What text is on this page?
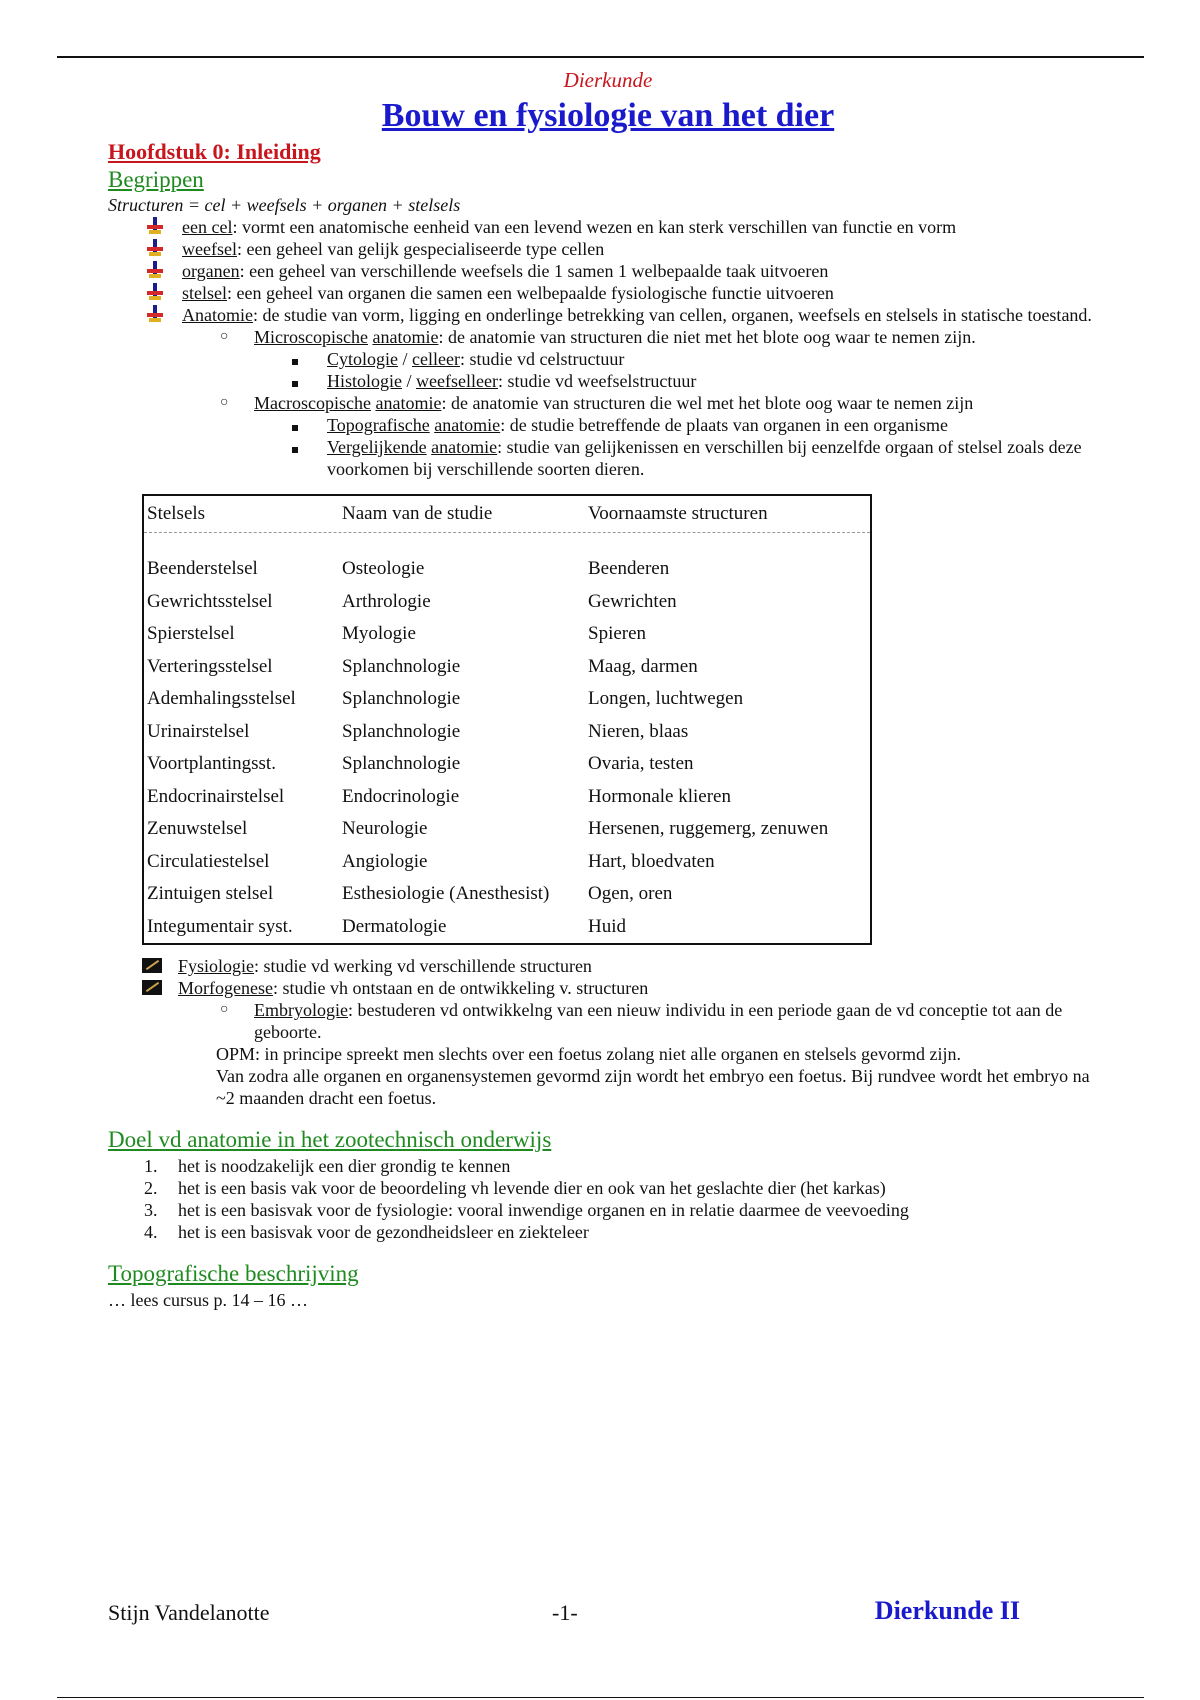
Dierkunde
Bouw en fysiologie van het dier
Hoofdstuk 0: Inleiding
Begrippen
Structuren = cel + weefsels + organen + stelsels
een cel: vormt een anatomische eenheid van een levend wezen en kan sterk verschillen van functie en vorm
weefsel: een geheel van gelijk gespecialiseerde type cellen
organen: een geheel van verschillende weefsels die 1 samen 1 welbepaalde taak uitvoeren
stelsel: een geheel van organen die samen een welbepaalde fysiologische functie uitvoeren
Anatomie: de studie van vorm, ligging en onderlinge betrekking van cellen, organen, weefsels en stelsels in statische toestand.
○	Microscopische anatomie: de anatomie van structuren die niet met het blote oog waar te nemen zijn.
Cytologie / celleer: studie vd celstructuur
Histologie / weefselleer: studie vd weefselstructuur
○	Macroscopische anatomie: de anatomie van structuren die wel met het blote oog waar te nemen zijn
Topografische anatomie: de studie betreffende de plaats van organen in een organisme
Vergelijkende anatomie: studie van gelijkenissen en verschillen bij eenzelfde orgaan of stelsel zoals deze voorkomen bij verschillende soorten dieren.
Stelsels	Naam van de studie	Voornaamste structuren
Beenderstelsel	Osteologie	Beenderen
Gewrichtsstelsel	Arthrologie	Gewrichten
Spierstelsel	Myologie	Spieren
Verteringsstelsel	Splanchnologie	Maag, darmen
Ademhalingsstelsel	Splanchnologie	Longen, luchtwegen
Urinairstelsel	Splanchnologie	Nieren, blaas
Voortplantingsst.	Splanchnologie	Ovaria, testen
Endocrinairstelsel	Endocrinologie	Hormonale klieren
Zenuwstelsel	Neurologie	Hersenen, ruggemerg, zenuwen
Circulatiestelsel	Angiologie	Hart, bloedvaten
Zintuigen stelsel	Esthesiologie (Anesthesist)	Ogen, oren
Integumentair syst.	Dermatologie	Huid
Fysiologie: studie vd werking vd verschillende structuren
Morfogenese: studie vh ontstaan en de ontwikkeling v. structuren
○	Embryologie: bestuderen vd ontwikkelng van een nieuw individu in een periode gaan de vd conceptie tot aan de geboorte.
OPM: in principe spreekt men slechts over een foetus zolang niet alle organen en stelsels gevormd zijn.
Van zodra alle organen en organensystemen gevormd zijn wordt het embryo een foetus. Bij rundvee wordt het embryo na ~2 maanden dracht een foetus.
Doel vd anatomie in het zootechnisch onderwijs
1.	het is noodzakelijk een dier grondig te kennen
2.	het is een basis vak voor de beoordeling vh levende dier en ook van het geslachte dier (het karkas)
3.	het is een basisvak voor de fysiologie: vooral inwendige organen en in relatie daarmee de veevoeding
4.	het is een basisvak voor de gezondheidsleer en ziekteleer
Topografische beschrijving
… lees cursus p. 14 – 16 …
Stijn Vandelanotte	-1-	Dierkunde II
